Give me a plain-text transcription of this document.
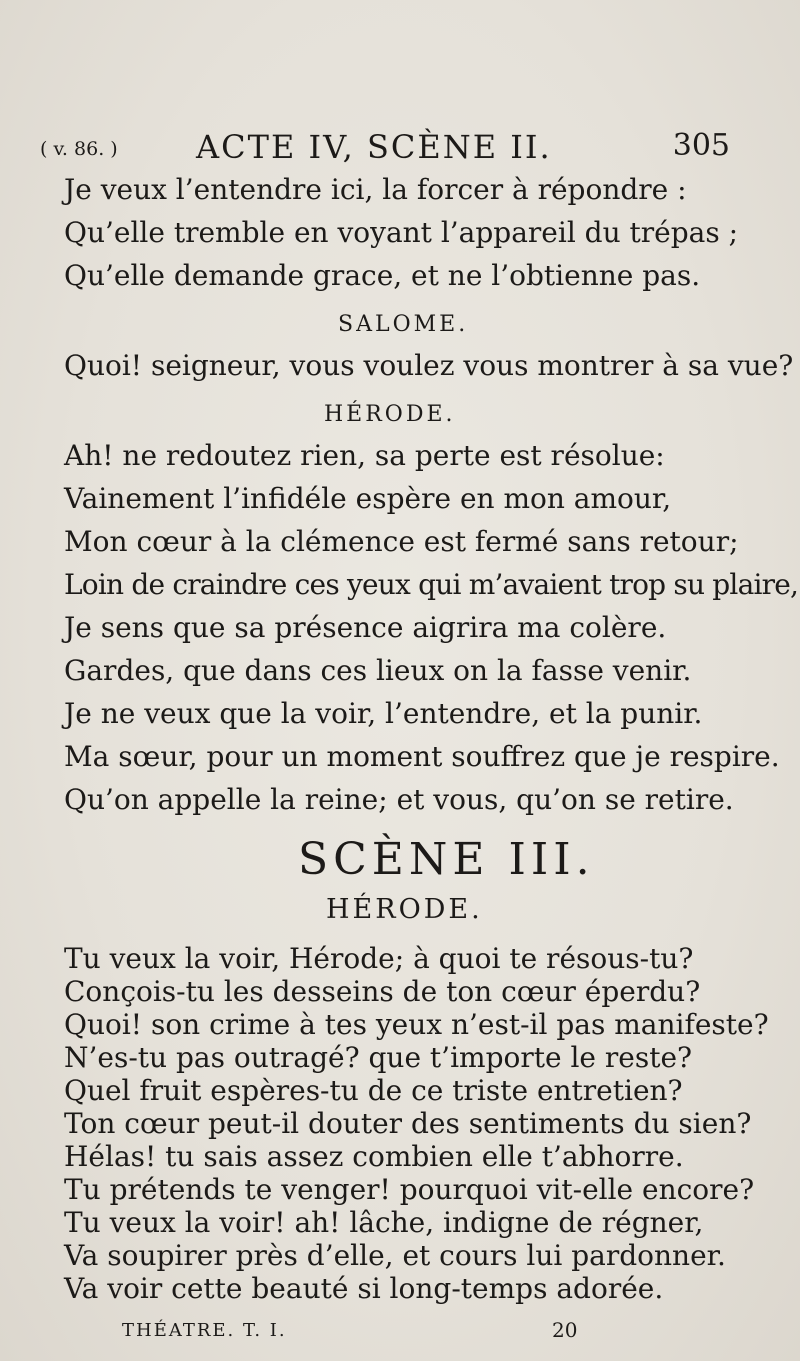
( v. 86. ) ACTE IV, SCÈNE II.	305
Je veux l’entendre ici, la forcer à répondre :
Qu’elle tremble en voyant l’appareil du trépas ;
Qu’elle demande grace, et ne l’obtienne pas.
SALOME.
Quoi! seigneur, vous voulez vous montrer à sa vue?
HÉRODE.
Ah! ne redoutez rien, sa perte est résolue:
Vainement l’infidéle espère en mon amour,
Mon cœur à la clémence est fermé sans retour;
Loin de craindre ces yeux qui m’avaient trop su plaire,
Je sens que sa présence aigrira ma colère.
Gardes, que dans ces lieux on la fasse venir.
Je ne veux que la voir, l’entendre, et la punir.
Ma sœur, pour un moment souffrez que je respire.
Qu’on appelle la reine; et vous, qu’on se retire.
SCÈNE III.
HÉRODE.
Tu veux la voir, Hérode; à quoi te résous-tu?
Conçois-tu les desseins de ton cœur éperdu?
Quoi! son crime à tes yeux n’est-il pas manifeste?
N’es-tu pas outragé? que t’importe le reste?
Quel fruit espères-tu de ce triste entretien?
Ton cœur peut-il douter des sentiments du sien?
Hélas! tu sais assez combien elle t’abhorre.
Tu prétends te venger! pourquoi vit-elle encore?
Tu veux la voir! ah! lâche, indigne de régner,
Va soupirer près d’elle, et cours lui pardonner.
Va voir cette beauté si long-temps adorée.
THÉATRE. T. I.	20
